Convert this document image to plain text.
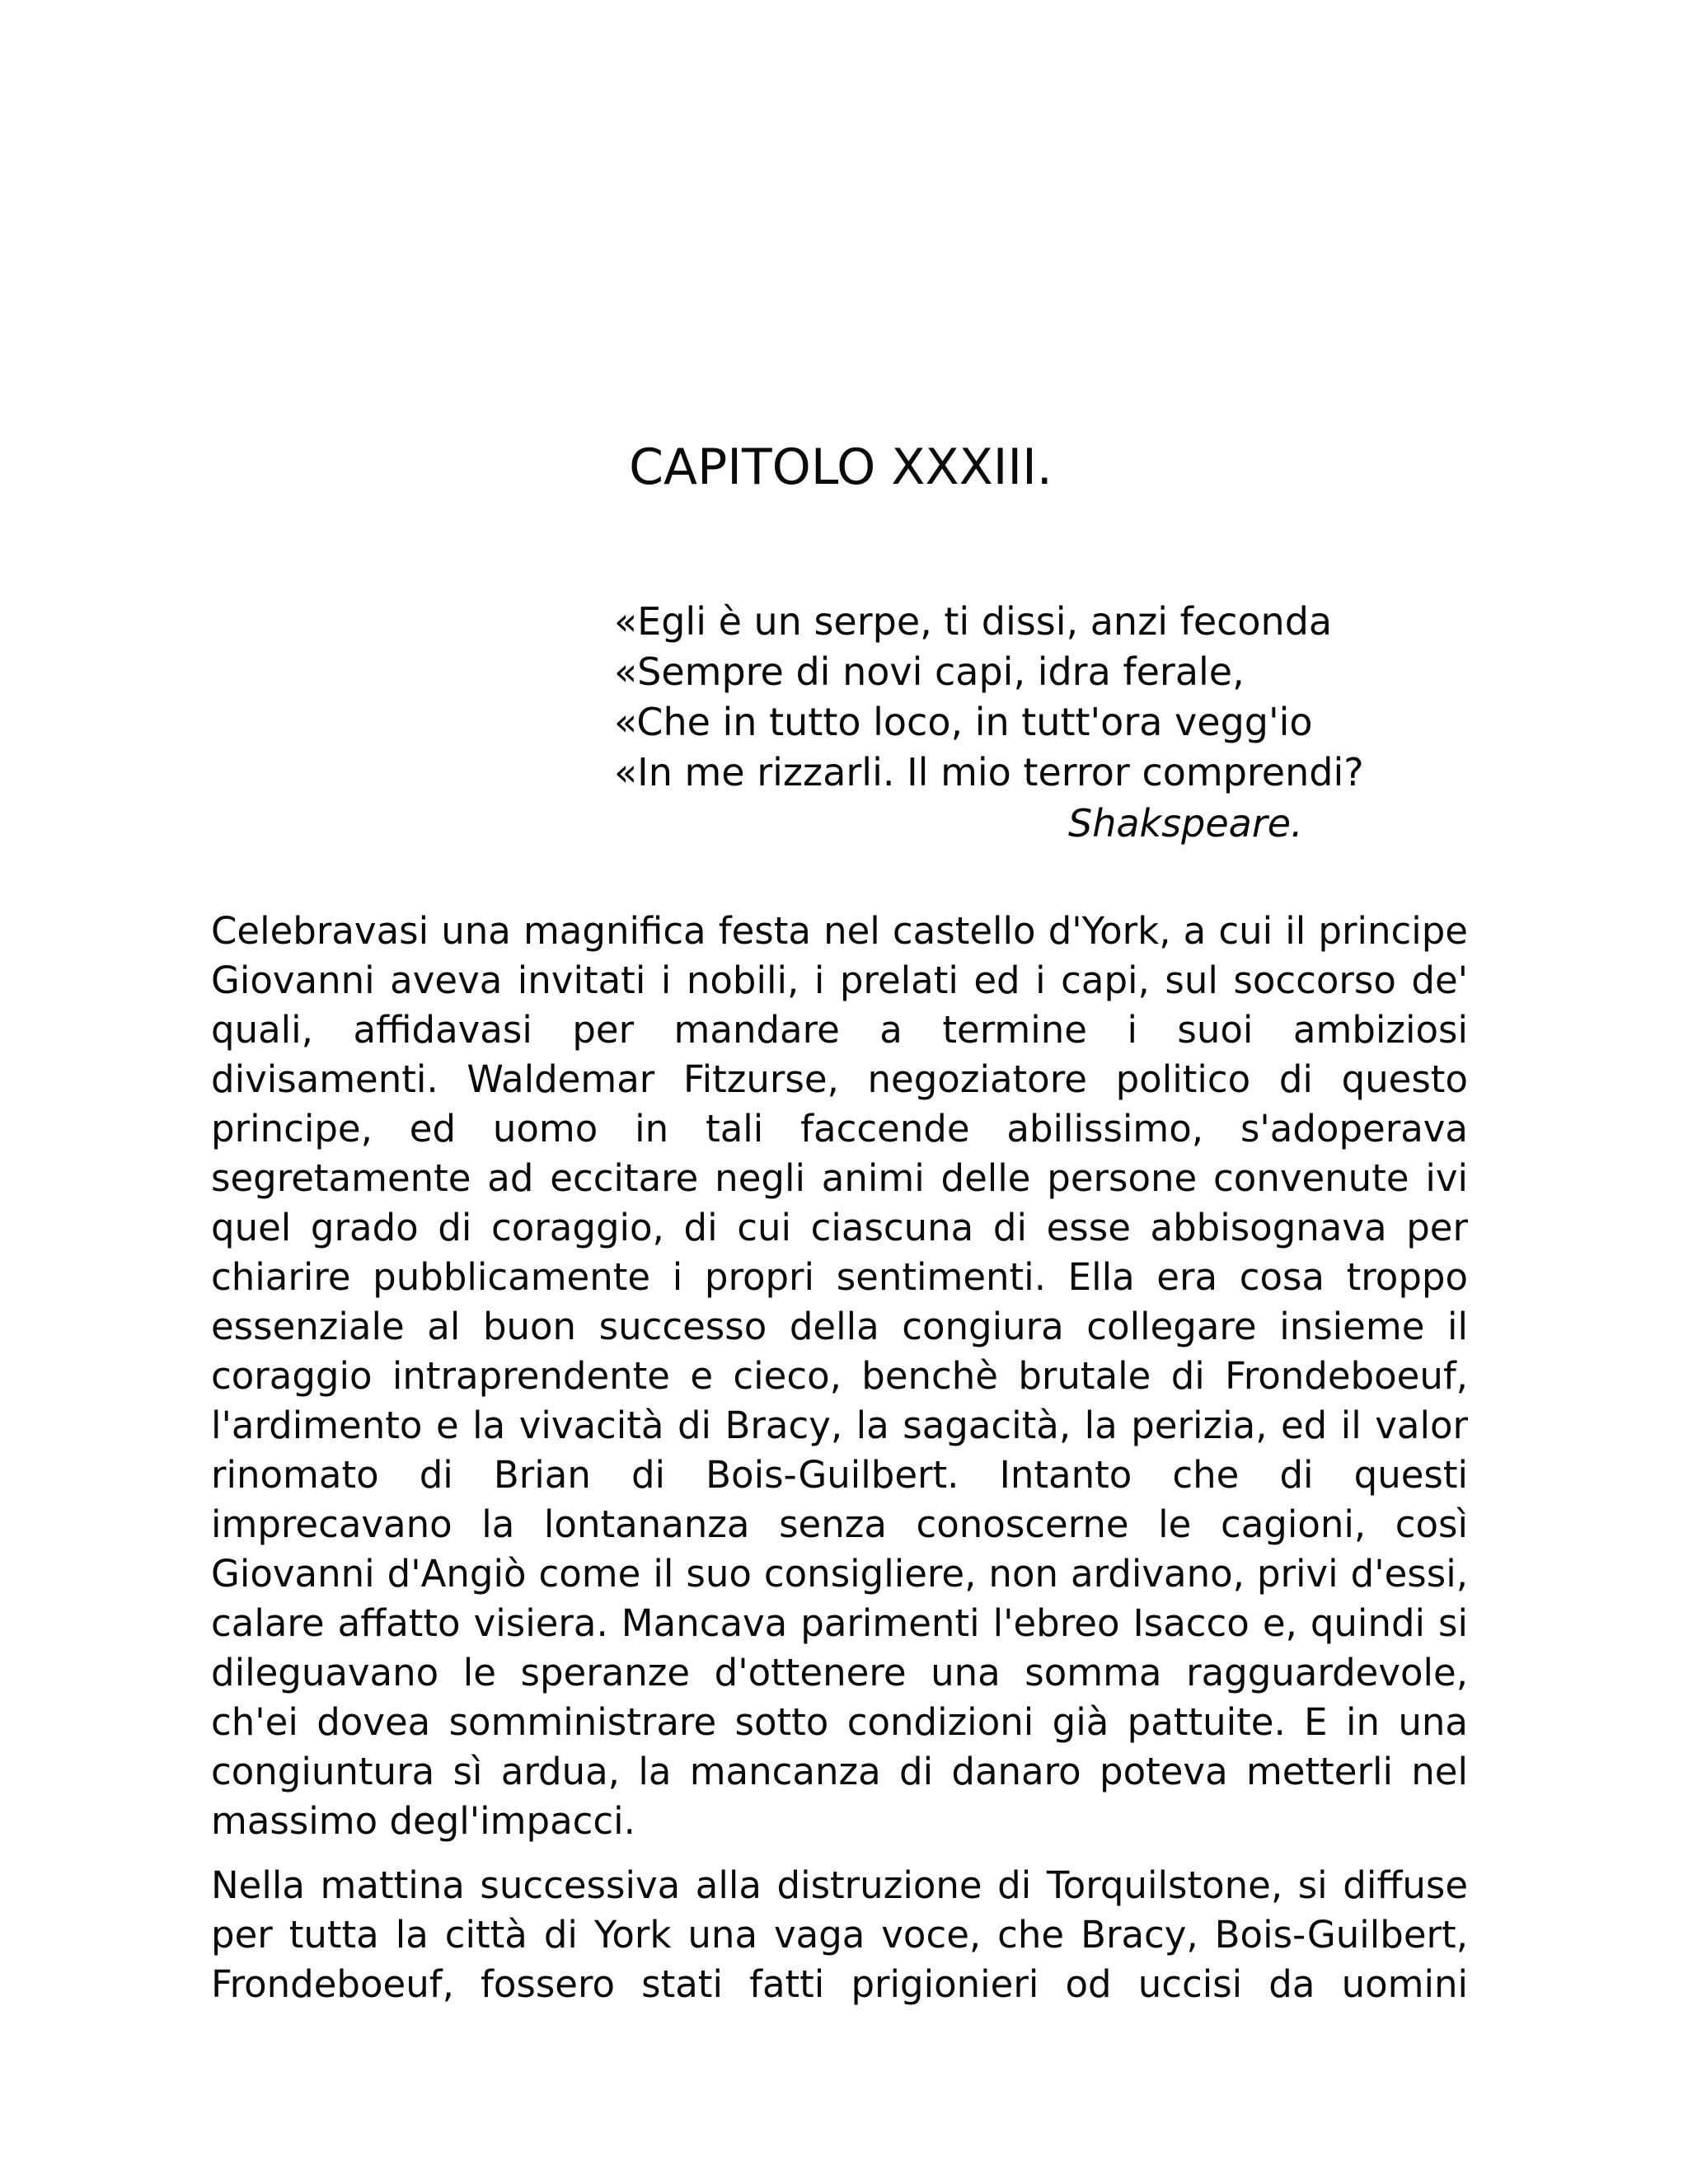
CAPITOLO XXXIII.
«Egli è un serpe, ti dissi, anzi feconda
«Sempre di novi capi, idra ferale,
«Che in tutto loco, in tutt'ora vegg'io
«In me rizzarli. Il mio terror comprendi?
Shakspeare.

Celebravasi una magnifica festa nel castello d'York, a cui il principe Giovanni aveva invitati i nobili, i prelati ed i capi, sul soccorso de' quali, affidavasi per mandare a termine i suoi ambiziosi divisamenti. Waldemar Fitzurse, negoziatore politico di questo principe, ed uomo in tali faccende abilissimo, s'adoperava segretamente ad eccitare negli animi delle persone convenute ivi quel grado di coraggio, di cui ciascuna di esse abbisognava per chiarire pubblicamente i propri sentimenti. Ella era cosa troppo essenziale al buon successo della congiura collegare insieme il coraggio intraprendente e cieco, benchè brutale di Frondeboeuf, l'ardimento e la vivacità di Bracy, la sagacità, la perizia, ed il valor rinomato di Brian di Bois-Guilbert. Intanto che di questi imprecavano la lontananza senza conoscerne le cagioni, così Giovanni d'Angiò come il suo consigliere, non ardivano, privi d'essi, calare affatto visiera. Mancava parimenti l'ebreo Isacco e, quindi si dileguavano le speranze d'ottenere una somma ragguardevole, ch'ei dovea somministrare sotto condizioni già pattuite. E in una congiuntura sì ardua, la mancanza di danaro poteva metterli nel massimo degl'impacci.

Nella mattina successiva alla distruzione di Torquilstone, si diffuse per tutta la città di York una vaga voce, che Bracy, Bois-Guilbert, Frondeboeuf, fossero stati fatti prigionieri od uccisi da uomini
